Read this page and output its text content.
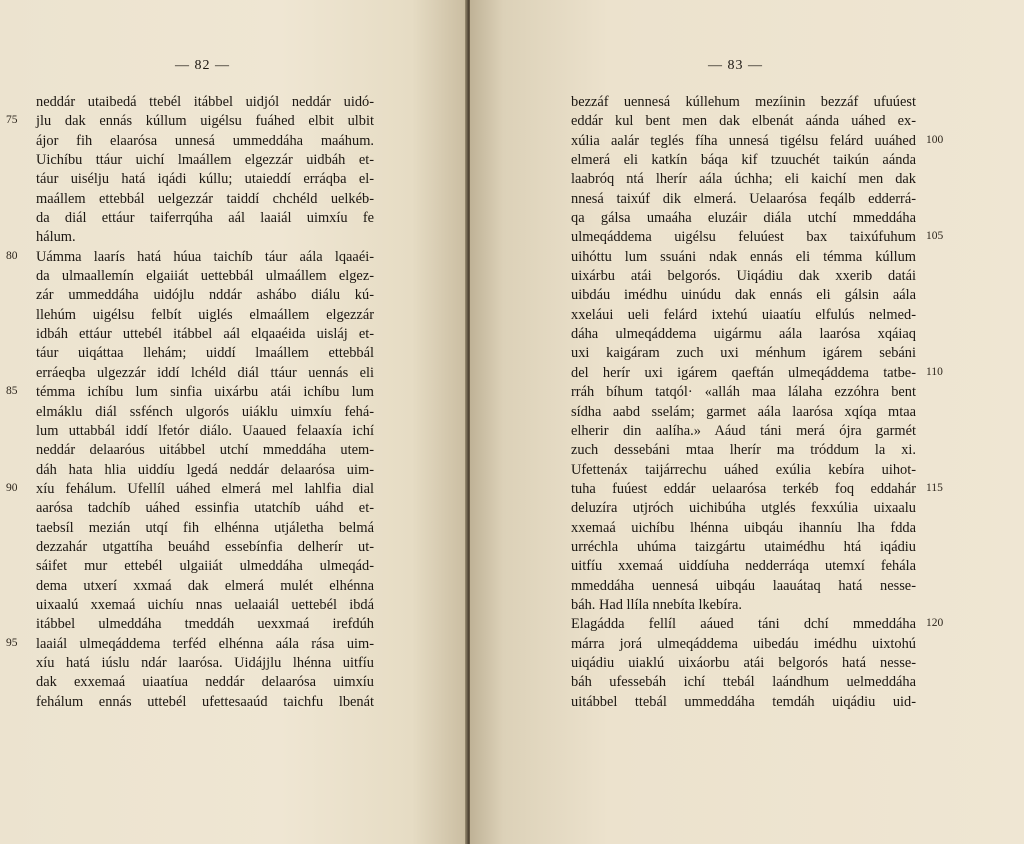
— 82 —
neddár utaibedá ttebél itábbel uidjól neddár uidó-
jlu dak ennás kúllum uigélsu fuáhed elbit ulbit
ájor fih elaarósa unnesá ummeddáha maáhum.
Uichíbu ttáur uichí lmaállem elgezzár uidbáh et-
táur uisélju hatá iqádi kúllu; utaieddí erráqba el-
maállem ettebbál uelgezzár taiddí chchéld uelkéb-
da diál ettáur taiferrqúha aál laaiál uimxíu fe
hálum.
Uámma laarís hatá húua taichíb táur aála lqaaéi-
da ulmaallemín elgaiiát uettebbál ulmaállem elgez-
zár ummeddáha uidójlu nddár ashábo diálu kú-
llehúm uigélsu felbít uiglés elmaállem elgezzár
idbáh ettáur uttebél itábbel aál elqaaéida uisláj et-
táur uiqáttaa llehám; uiddí lmaállem ettebbál
erráeqba ulgezzár iddí lchéld diál ttáur uennás eli
témma ichíbu lum sinfia uixárbu atái ichíbu lum
elmáklu diál ssfénch ulgorós uiáklu uimxíu fehá-
lum uttabbál iddí lfetór diálo. Uaaued felaaxía ichí
neddár delaaróus uitábbel utchí mmeddáha utem-
dáh hata hlia uiddíu lgedá neddár delaarósa uim-
xíu fehálum. Ufellíl uáhed elmerá mel lahlfia dial
aarósa tadchíb uáhed essinfia utatchíb uáhd et-
taebsíl mezián utqí fih elhénna utjáletha belmá
dezzahár utgattíha beuáhd essebínfia delherír ut-
sáifet mur ettebél ulgaiiát ulmeddáha ulmeqád-
dema utxerí xxmaá dak elmerá mulét elhénna
uixaalú xxemaá uichíu nnas uelaaiál uettebél ibdá
itábbel ulmeddáha tmeddáh uexxmaá irefdúh
laaiál ulmeqáddema terféd elhénna aála rása uim-
xíu hatá iúslu ndár laarósa. Uidájjlu lhénna uitfíu
dak exxemaá uiaatíua neddár delaarósa uimxíu
fehálum ennás uttebél ufettesaaúd taichfu lbenát
75
80
85
90
95
— 83 —
bezzáf uennesá kúllehum mezíinin bezzáf ufuúest
eddár kul bent men dak elbenát aánda uáhed ex-
xúlia aalár teglés fíha unnesá tigélsu felárd uuáhed
elmerá eli katkín báqa kif tzuuchét taikún aánda
laabróq ntá lherír aála úchha; eli kaichí men dak
nnesá taixúf dik elmerá. Uelaarósa feqálb edderrá-
qa gálsa umaáha eluzáir diála utchí mmeddáha
ulmeqáddema uigélsu feluúest bax taixúfuhum
uihóttu lum ssuáni ndak ennás eli témma kúllum
uixárbu atái belgorós. Uiqádiu dak xxerib datái
uibdáu imédhu uinúdu dak ennás eli gálsin aála
xxeláui ueli felárd ixtehú uiaatíu elfulús nelmed-
dáha ulmeqáddema uigármu aála laarósa xqáiaq
uxi kaigáram zuch uxi ménhum igárem sebáni
del herír uxi igárem qaeftán ulmeqáddema tatbe-
rráh bíhum tatqól· «alláh maa lálaha ezzóhra bent
sídha aabd sselám; garmet aála laarósa xqíqa mtaa
elherir din aalíha.» Aáud táni merá ójra garmét
zuch dessebáni mtaa lherír ma tróddum la xi.
Ufettenáx taijárrechu uáhed exúlia kebíra uihot-
tuha fuúest eddár uelaarósa terkéb foq eddahár
deluzíra utjróch uichibúha utglés fexxúlia uixaalu
xxemaá uichíbu lhénna uibqáu ihanníu lha fdda
urréchla uhúma taizgártu utaimédhu htá iqádiu
uitfíu xxemaá uiddíuha nedderráqa utemxí fehála
mmeddáha uennesá uibqáu laauátaq hatá nesse-
báh. Had llíla nnebíta lkebíra.
Elagádda fellíl aáued táni dchí mmeddáha
márra jorá ulmeqáddema uibedáu imédhu uixtohú
uiqádiu uiaklú uixáorbu atái belgorós hatá nesse-
báh ufessebáh ichí ttebál laándhum uelmeddáha
uitábbel ttebál ummeddáha temdáh uiqádiu uid-
100
105
110
115
120
